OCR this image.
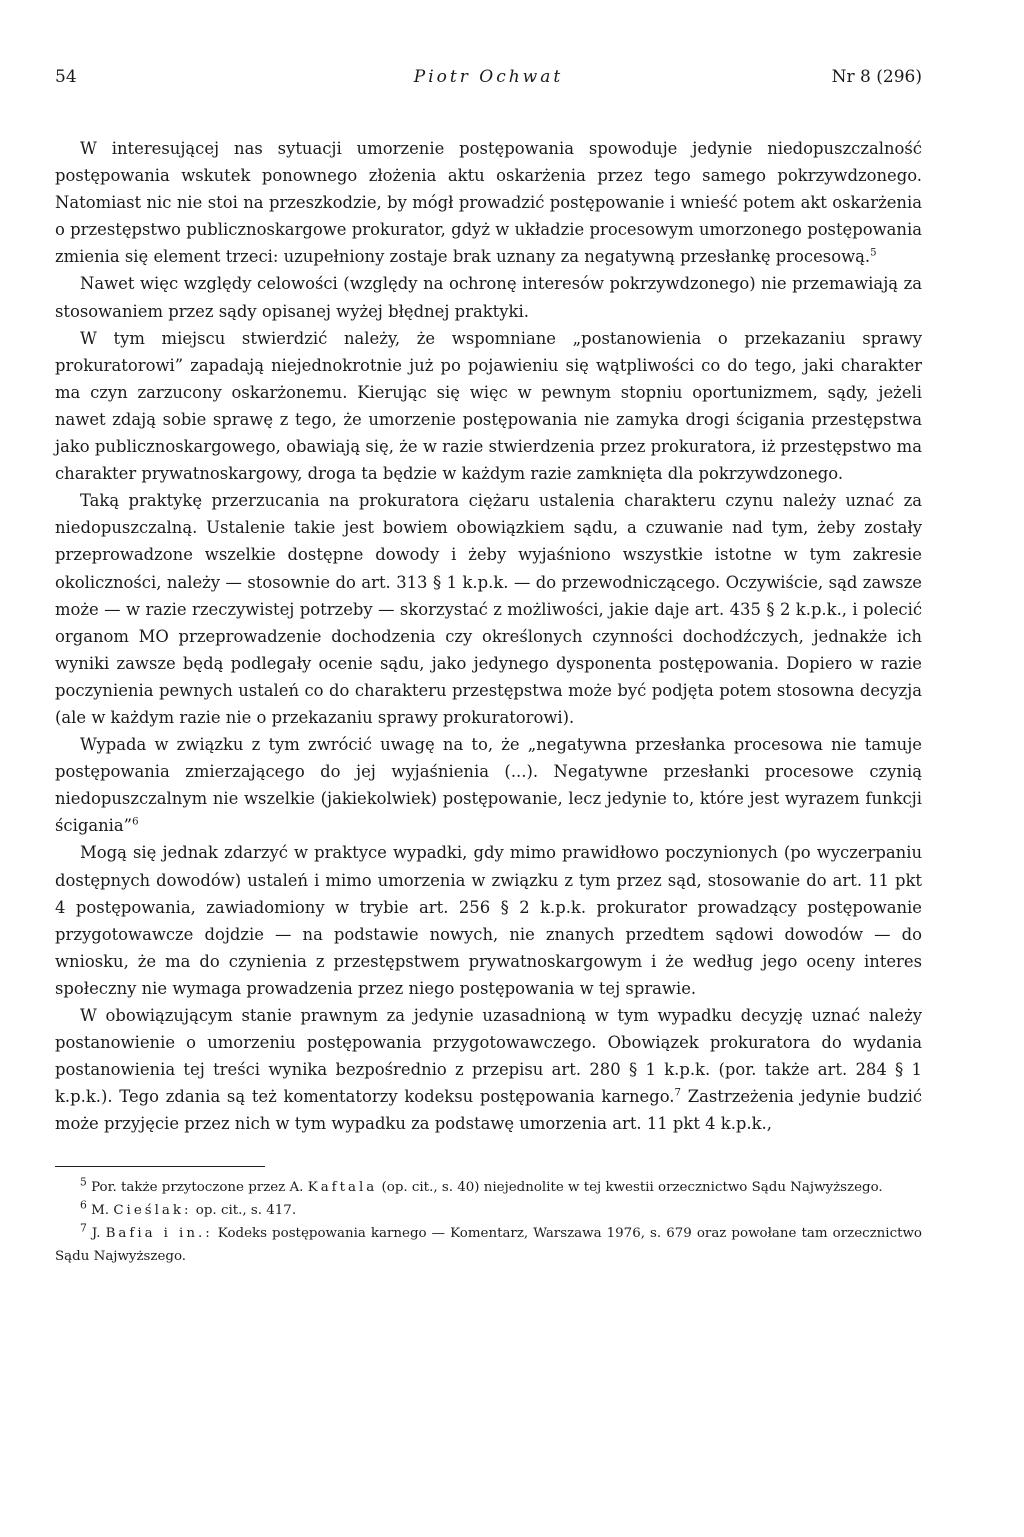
54	Piotr Ochwat	Nr 8 (296)

W interesującej nas sytuacji umorzenie postępowania spowoduje jedynie niedopuszczalność postępowania wskutek ponownego złożenia aktu oskarżenia przez tego samego pokrzywdzonego. Natomiast nic nie stoi na przeszkodzie, by mógł prowadzić postępowanie i wnieść potem akt oskarżenia o przestępstwo publicznoskargowe prokurator, gdyż w układzie procesowym umorzonego postępowania zmienia się element trzeci: uzupełniony zostaje brak uznany za negatywną przesłankę procesową.$^5$

Nawet więc względy celowości (względy na ochronę interesów pokrzywdzonego) nie przemawiają za stosowaniem przez sądy opisanej wyżej błędnej praktyki.

W tym miejscu stwierdzić należy, że wspomniane „postanowienia o przekazaniu sprawy prokuratorowi” zapadają niejednokrotnie już po pojawieniu się wątpliwości co do tego, jaki charakter ma czyn zarzucony oskarżonemu. Kierując się więc w pewnym stopniu oportunizmem, sądy, jeżeli nawet zdają sobie sprawę z tego, że umorzenie postępowania nie zamyka drogi ścigania przestępstwa jako publicznoskargowego, obawiają się, że w razie stwierdzenia przez prokuratora, iż przestępstwo ma charakter prywatnoskargowy, droga ta będzie w każdym razie zamknięta dla pokrzywdzonego.

Taką praktykę przerzucania na prokuratora ciężaru ustalenia charakteru czynu należy uznać za niedopuszczalną. Ustalenie takie jest bowiem obowiązkiem sądu, a czuwanie nad tym, żeby zostały przeprowadzone wszelkie dostępne dowody i żeby wyjaśniono wszystkie istotne w tym zakresie okoliczności, należy — stosownie do art. 313 § 1 k.p.k. — do przewodniczącego. Oczywiście, sąd zawsze może — w razie rzeczywistej potrzeby — skorzystać z możliwości, jakie daje art. 435 § 2 k.p.k., i polecić organom MO przeprowadzenie dochodzenia czy określonych czynności dochodźczych, jednakże ich wyniki zawsze będą podlegały ocenie sądu, jako jedynego dysponenta postępowania. Dopiero w razie poczynienia pewnych ustaleń co do charakteru przestępstwa może być podjęta potem stosowna decyzja (ale w każdym razie nie o przekazaniu sprawy prokuratorowi).

Wypada w związku z tym zwrócić uwagę na to, że „negatywna przesłanka procesowa nie tamuje postępowania zmierzającego do jej wyjaśnienia (...). Negatywne przesłanki procesowe czynią niedopuszczalnym nie wszelkie (jakiekolwiek) postępowanie, lecz jedynie to, które jest wyrazem funkcji ścigania”$^6$

Mogą się jednak zdarzyć w praktyce wypadki, gdy mimo prawidłowo poczynionych (po wyczerpaniu dostępnych dowodów) ustaleń i mimo umorzenia w związku z tym przez sąd, stosowanie do art. 11 pkt 4 postępowania, zawiadomiony w trybie art. 256 § 2 k.p.k. prokurator prowadzący postępowanie przygotowawcze dojdzie — na podstawie nowych, nie znanych przedtem sądowi dowodów — do wniosku, że ma do czynienia z przestępstwem prywatnoskargowym i że według jego oceny interes społeczny nie wymaga prowadzenia przez niego postępowania w tej sprawie.

W obowiązującym stanie prawnym za jedynie uzasadnioną w tym wypadku decyzję uznać należy postanowienie o umorzeniu postępowania przygotowawczego. Obowiązek prokuratora do wydania postanowienia tej treści wynika bezpośrednio z przepisu art. 280 § 1 k.p.k. (por. także art. 284 § 1 k.p.k.). Tego zdania są też komentatorzy kodeksu postępowania karnego.$^7$ Zastrzeżenia jedynie budzić może przyjęcie przez nich w tym wypadku za podstawę umorzenia art. 11 pkt 4 k.p.k.,

$^5$ Por. także przytoczone przez A. Kaftala (op. cit., s. 40) niejednolite w tej kwestii orzecznictwo Sądu Najwyższego.

$^6$ M. Cieślak: op. cit., s. 417.

$^7$ J. Bafia i in.: Kodeks postępowania karnego — Komentarz, Warszawa 1976, s. 679 oraz powołane tam orzecznictwo Sądu Najwyższego.
